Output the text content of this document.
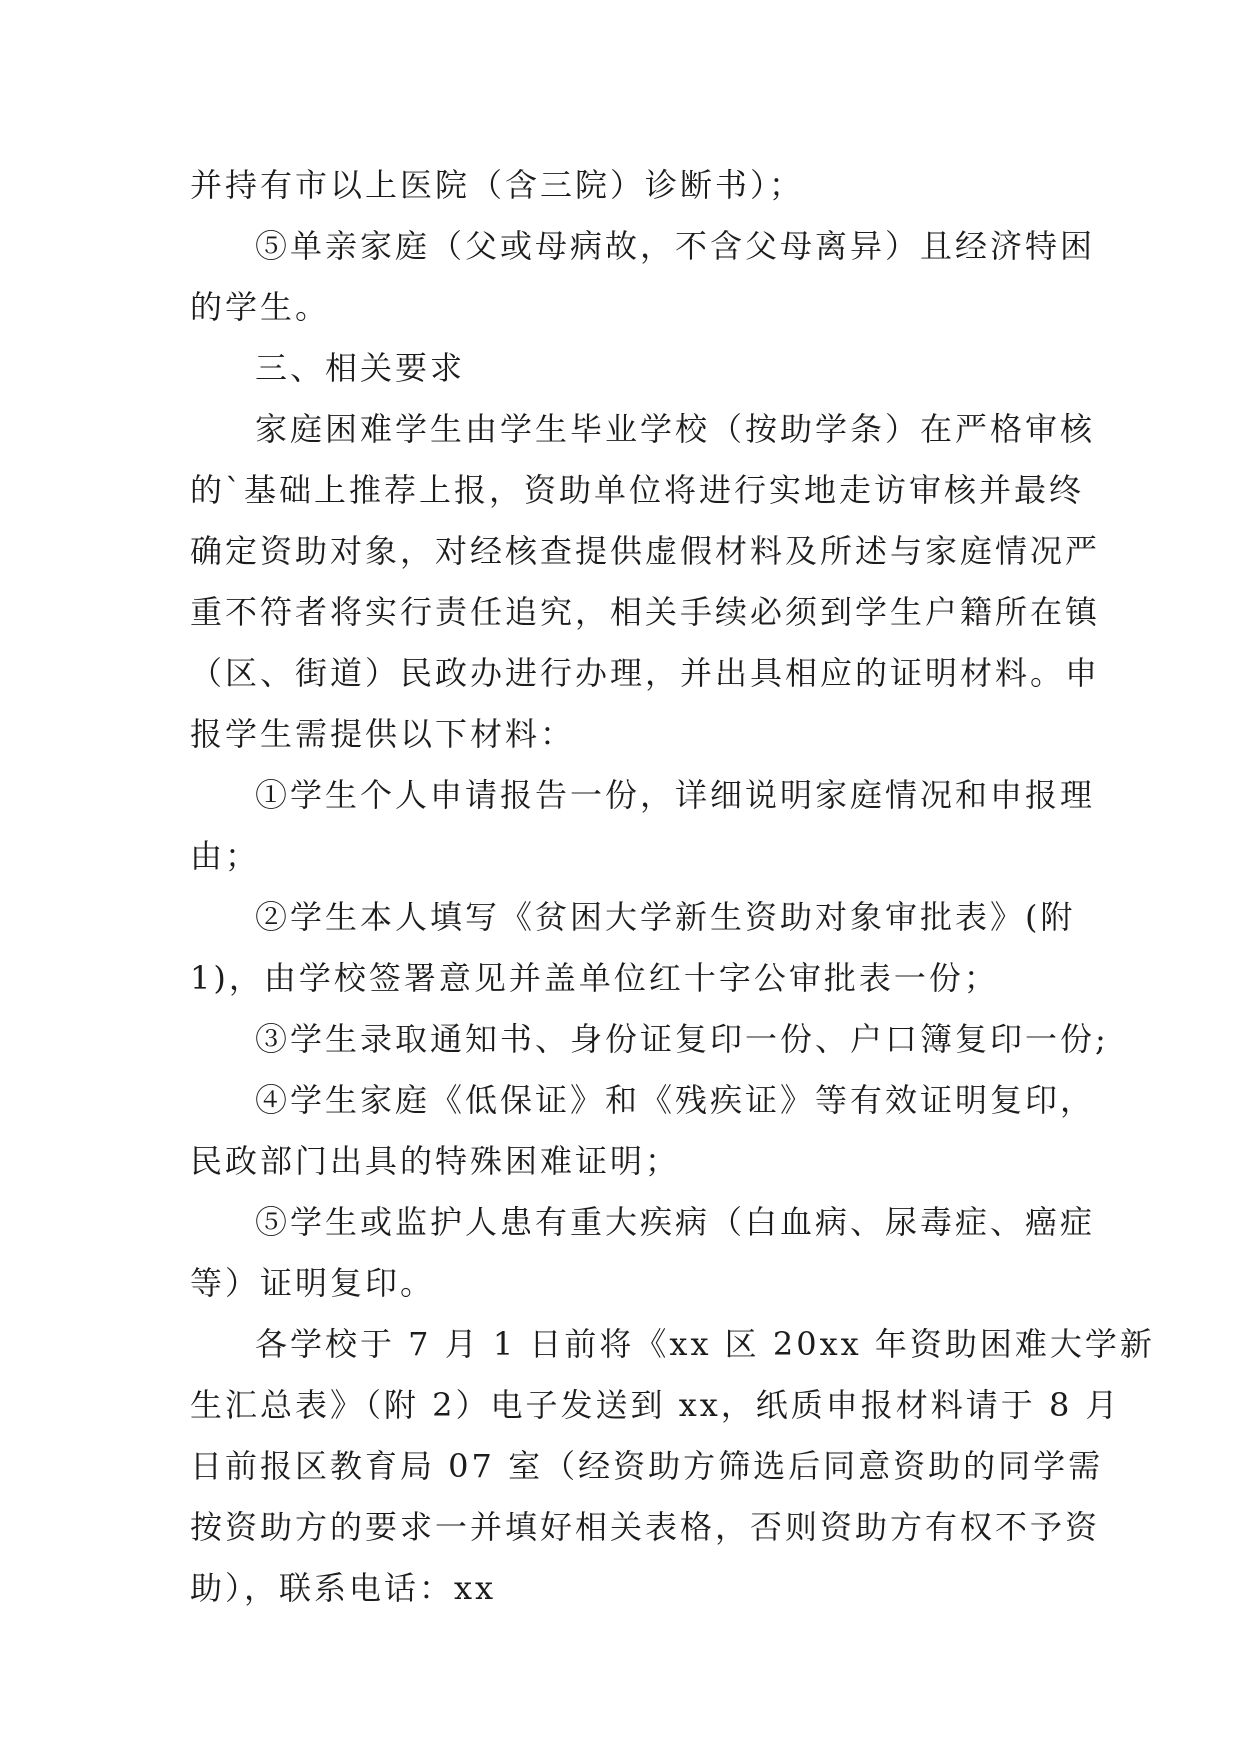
并持有市以上医院（含三院）诊断书）；
⑤单亲家庭（父或母病故，不含父母离异）且经济特困
的学生。
三、相关要求
家庭困难学生由学生毕业学校（按助学条）在严格审核
的`基础上推荐上报，资助单位将进行实地走访审核并最终
确定资助对象，对经核查提供虚假材料及所述与家庭情况严
重不符者将实行责任追究，相关手续必须到学生户籍所在镇
（区、街道）民政办进行办理，并出具相应的证明材料。申
报学生需提供以下材料：
①学生个人申请报告一份，详细说明家庭情况和申报理
由；
②学生本人填写《贫困大学新生资助对象审批表》(附
1)，由学校签署意见并盖单位红十字公审批表一份；
③学生录取通知书、身份证复印一份、户口簿复印一份;
④学生家庭《低保证》和《残疾证》等有效证明复印，
民政部门出具的特殊困难证明；
⑤学生或监护人患有重大疾病（白血病、尿毒症、癌症
等）证明复印。
各学校于 7 月 1 日前将《xx 区 20xx 年资助困难大学新
生汇总表》（附 2）电子发送到 xx，纸质申报材料请于 8 月
日前报区教育局 07 室（经资助方筛选后同意资助的同学需
按资助方的要求一并填好相关表格，否则资助方有权不予资
助），联系电话：xx
